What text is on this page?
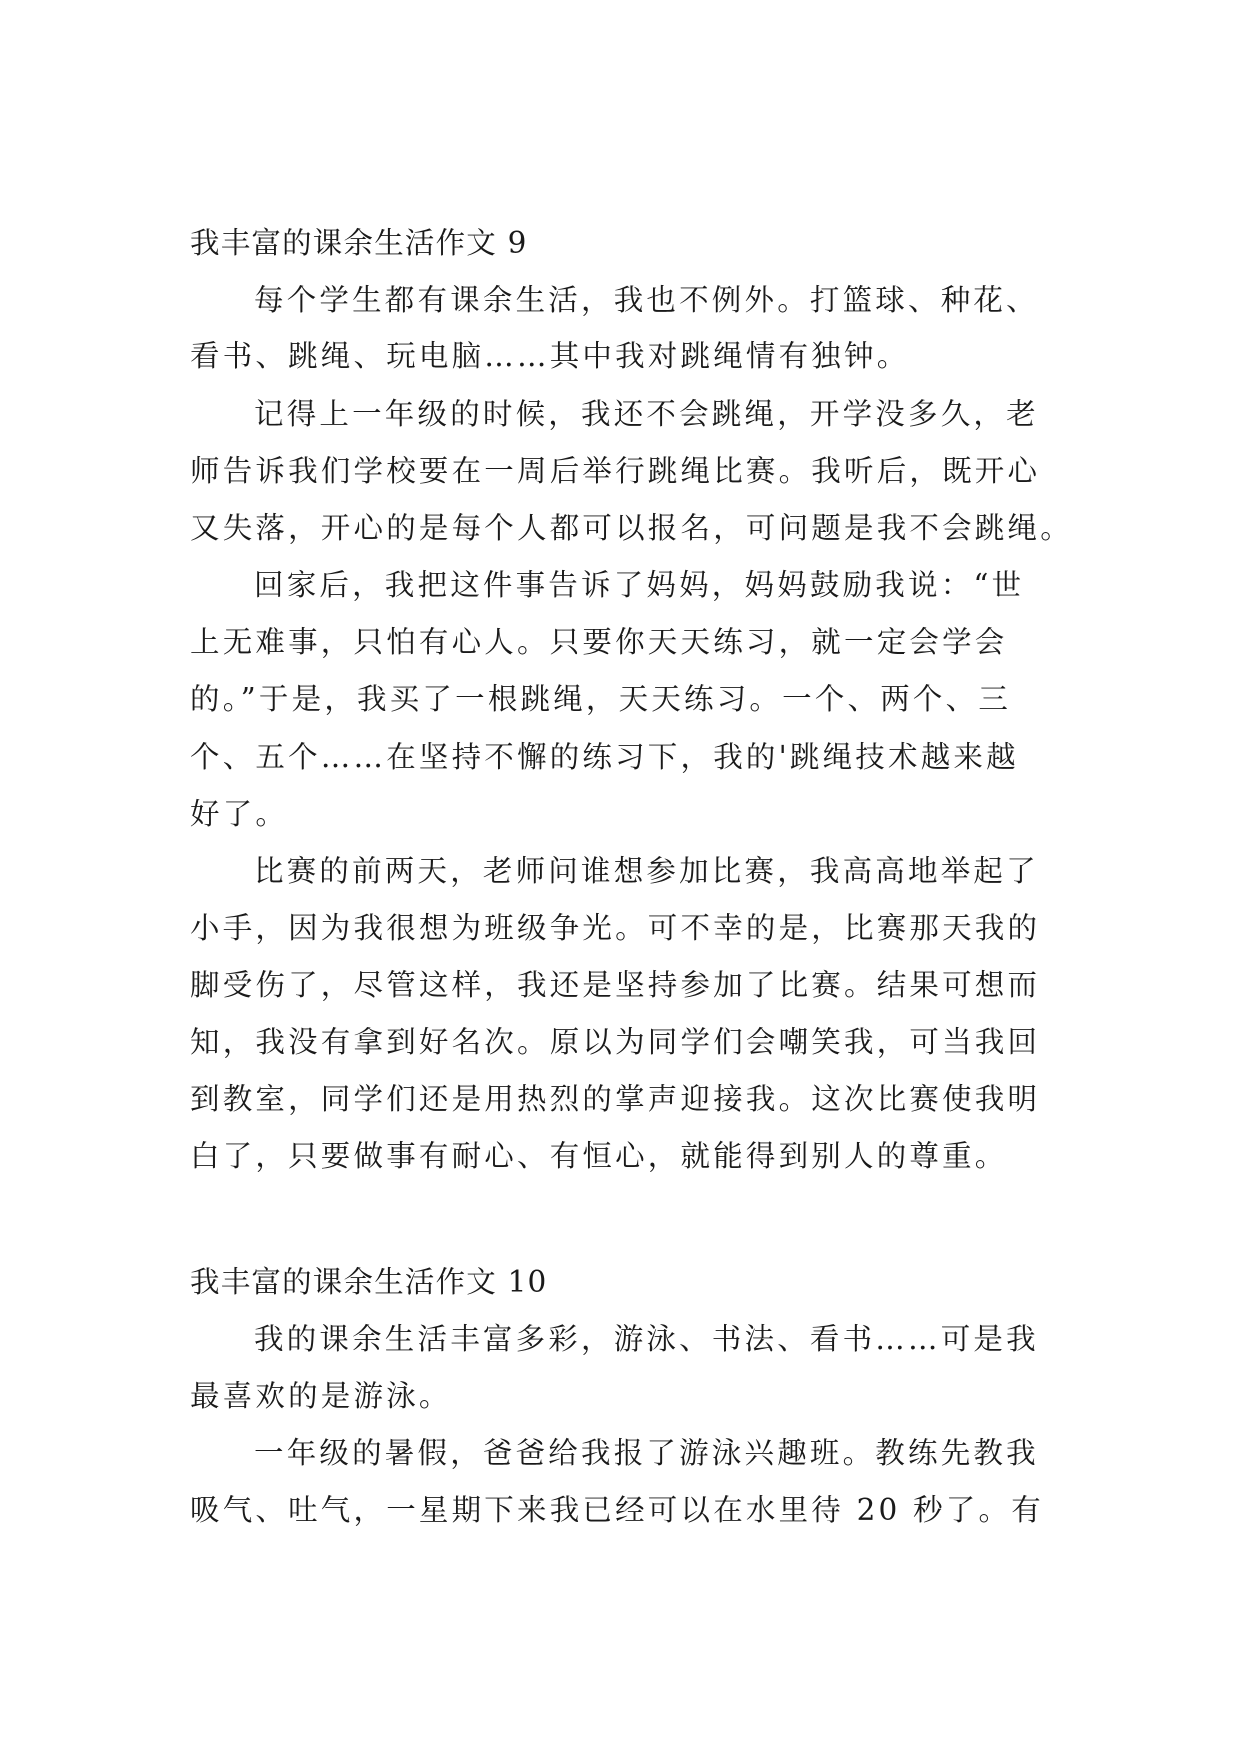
我丰富的课余生活作文 9
每个学生都有课余生活，我也不例外。打篮球、种花、
看书、跳绳、玩电脑……其中我对跳绳情有独钟。
记得上一年级的时候，我还不会跳绳，开学没多久，老
师告诉我们学校要在一周后举行跳绳比赛。我听后，既开心
又失落，开心的是每个人都可以报名，可问题是我不会跳绳。
回家后，我把这件事告诉了妈妈，妈妈鼓励我说：“世
上无难事，只怕有心人。只要你天天练习，就一定会学会
的。”于是，我买了一根跳绳，天天练习。一个、两个、三
个、五个……在坚持不懈的练习下，我的'跳绳技术越来越
好了。
比赛的前两天，老师问谁想参加比赛，我高高地举起了
小手，因为我很想为班级争光。可不幸的是，比赛那天我的
脚受伤了，尽管这样，我还是坚持参加了比赛。结果可想而
知，我没有拿到好名次。原以为同学们会嘲笑我，可当我回
到教室，同学们还是用热烈的掌声迎接我。这次比赛使我明
白了，只要做事有耐心、有恒心，就能得到别人的尊重。
我丰富的课余生活作文 10
我的课余生活丰富多彩，游泳、书法、看书……可是我
最喜欢的是游泳。
一年级的暑假，爸爸给我报了游泳兴趣班。教练先教我
吸气、吐气，一星期下来我已经可以在水里待 20 秒了。有
